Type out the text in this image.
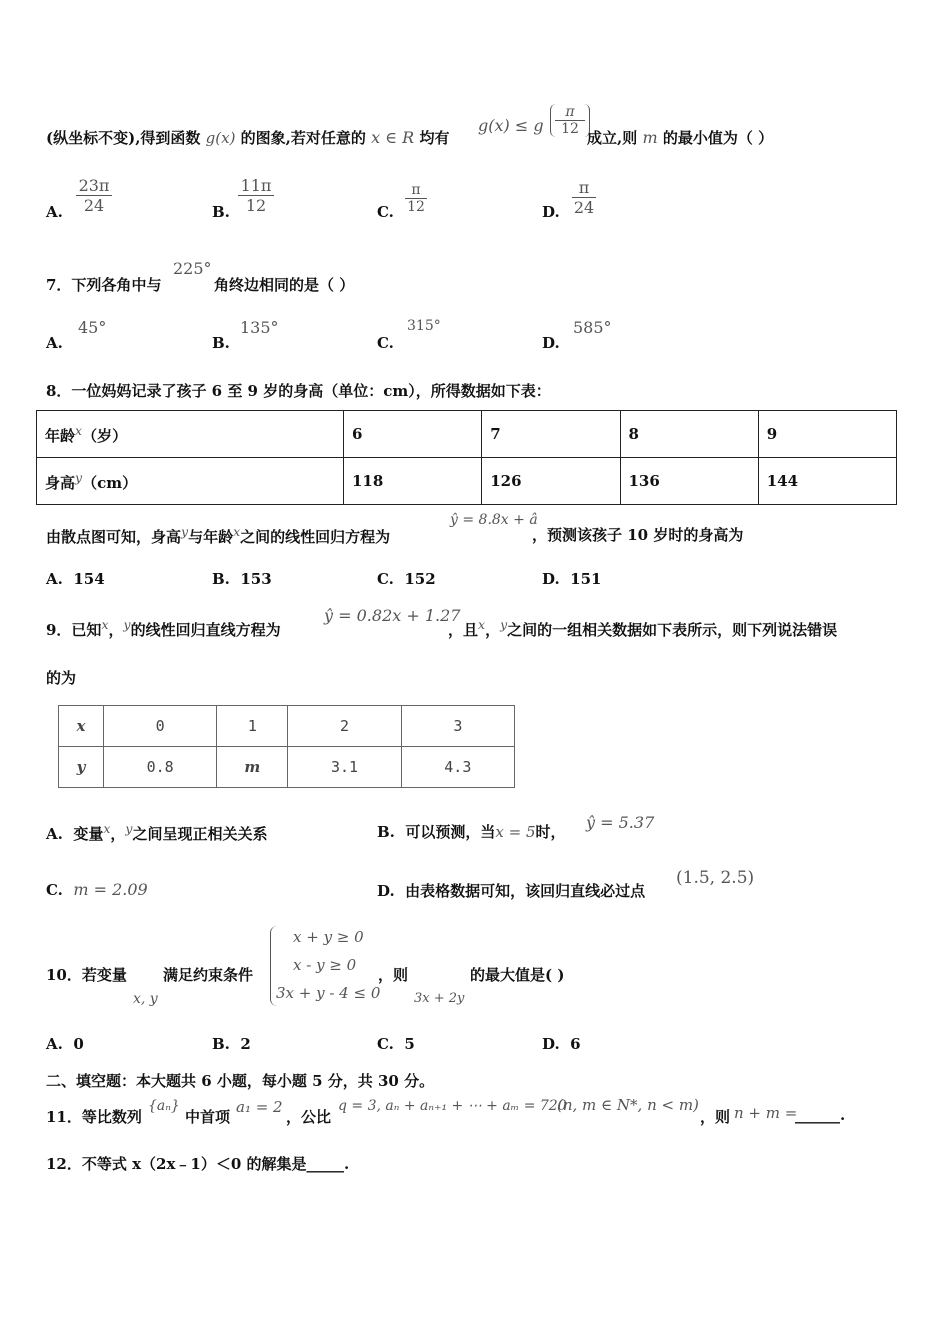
(纵坐标不变),得到函数 g(x) 的图象,若对任意的 x ∈ R 均有
g(x) ≤ g $\frac{\pi}{12}$
成立,则 m 的最小值为（ ）
A. $\frac{23\pi}{24}$	B. $\frac{11\pi}{12}$	C. $\frac{\pi}{12}$	D. $\frac{\pi}{24}$
7．下列各角中与
225°
角终边相同的是（ ）
A.
45°
B.
135°
C.
315°
D.
585°
8．一位妈妈记录了孩子 6 至 9 岁的身高（单位：cm），所得数据如下表：
年龄$^x$（岁）	6	7	8	9
身高$^y$（cm）	118	126	136	144
由散点图可知，身高$^y$与年龄$^x$之间的线性回归方程为
ŷ = 8.8x + â
，预测该孩子 10 岁时的身高为
A. 154	B. 153	C. 152	D. 151
9．已知$^x$，$^y$的线性回归直线方程为
ŷ = 0.82x + 1.27
，且$^x$，$^y$之间的一组相关数据如下表所示，则下列说法错误
的为
x	0	1	2	3
y	0.8	m	3.1	4.3
A. 变量$^x$，$^y$之间呈现正相关关系	B. 可以预测，当x = 5时， ŷ = 5.37
C. m = 2.09	D. 由表格数据可知，该回归直线必过点
(1.5, 2.5)
10．若变量
x, y
满足约束条件
x + y ≥ 0
x - y ≥ 0
3x + y - 4 ≤ 0
，则
3x + 2y
的最大值是( )
A. 0	B. 2	C. 5	D. 6
二、填空题：本大题共 6 小题，每小题 5 分，共 30 分。
11．等比数列
{aₙ}
中首项
a₁ = 2
，公比
q = 3, aₙ + aₙ₊₁ + ⋯ + aₘ = 720
(n, m ∈ N*, n < m)
，则 n + m =
______.
12．不等式 x（2x﹣1）＜0 的解集是_____.
